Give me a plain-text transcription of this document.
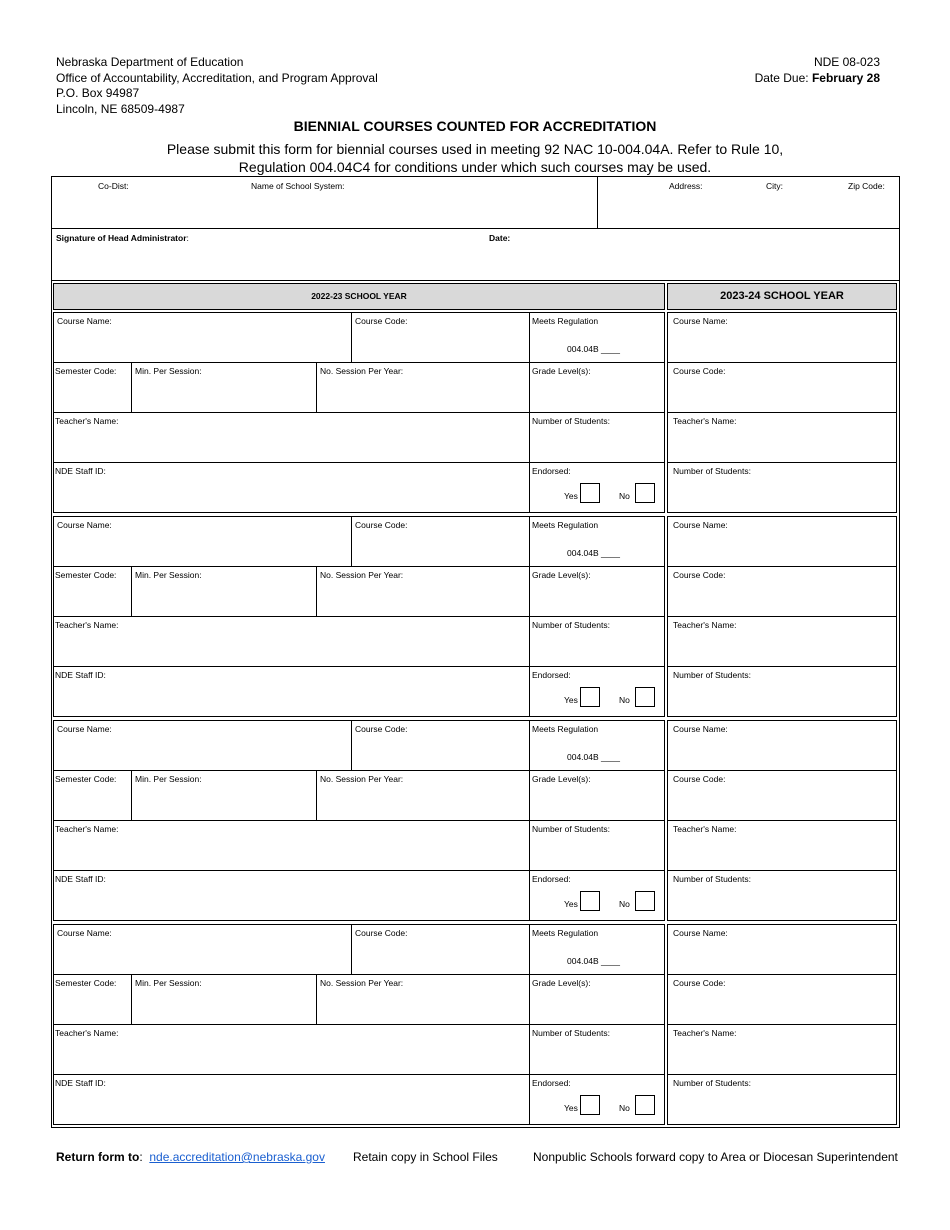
Nebraska Department of Education
Office of Accountability, Accreditation, and Program Approval
P.O. Box 94987
Lincoln, NE 68509-4987
NDE 08-023
Date Due: February 28
BIENNIAL COURSES COUNTED FOR ACCREDITATION
Please submit this form for biennial courses used in meeting 92 NAC 10-004.04A. Refer to Rule 10,
Regulation 004.04C4 for conditions under which such courses may be used.
Co-Dist:	Name of School System:	Address:	City:	Zip Code:
Signature of Head Administrator:	Date:
2022-23 SCHOOL YEAR	2023-24 SCHOOL YEAR
Course Name:	Course Code:	Meets Regulation
004.04B ____
Semester Code: Min. Per Session:	No. Session Per Year:	Grade Level(s):
Teacher's Name:	Number of Students:
NDE Staff ID:	Endorsed:
Yes	No
Course Name:
Course Code:
Teacher's Name:
Number of Students:
Course Name:	Course Code:	Meets Regulation
004.04B ____
Semester Code: Min. Per Session:	No. Session Per Year:	Grade Level(s):
Teacher's Name:	Number of Students:
NDE Staff ID:	Endorsed:
Yes	No
Course Name:
Course Code:
Teacher's Name:
Number of Students:
Course Name:	Course Code:	Meets Regulation
004.04B ____
Semester Code: Min. Per Session:	No. Session Per Year:	Grade Level(s):
Teacher's Name:	Number of Students:
NDE Staff ID:	Endorsed:
Yes	No
Course Name:
Course Code:
Teacher's Name:
Number of Students:
Course Name:	Course Code:	Meets Regulation
004.04B ____
Semester Code: Min. Per Session:	No. Session Per Year:	Grade Level(s):
Teacher's Name:	Number of Students:
NDE Staff ID:	Endorsed:
Yes	No
Course Name:
Course Code:
Teacher's Name:
Number of Students:
Return form to: nde.accreditation@nebraska.gov Retain copy in School Files	Nonpublic Schools forward copy to Area or Diocesan Superintendent
